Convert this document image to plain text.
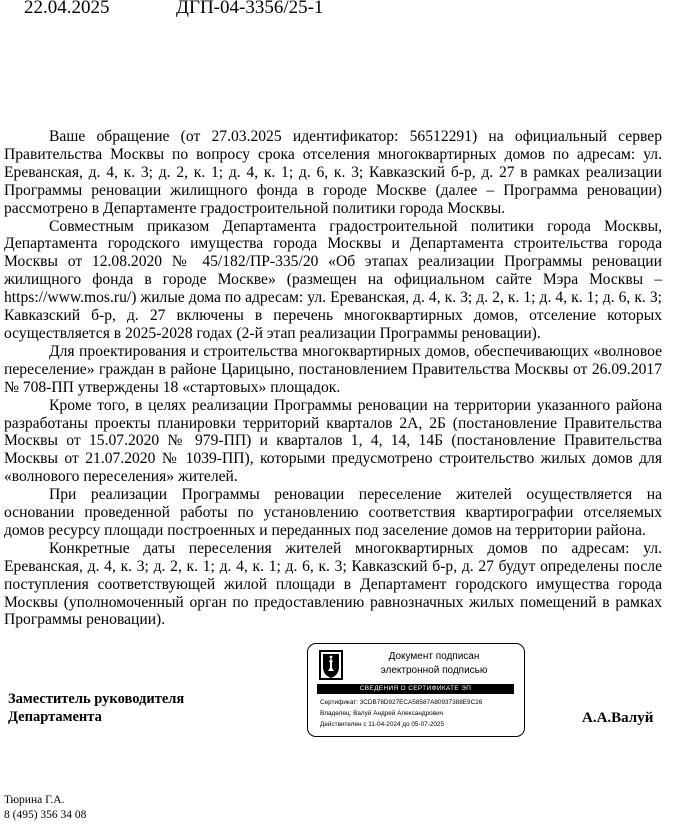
22.04.2025	ДГП-04-3356/25-1

Ваше обращение (от 27.03.2025 идентификатор: 56512291) на официальный сервер Правительства Москвы по вопросу срока отселения многоквартирных домов по адресам: ул. Ереванская, д. 4, к. 3; д. 2, к. 1; д. 4, к. 1; д. 6, к. 3; Кавказский б-р, д. 27 в рамках реализации Программы реновации жилищного фонда в городе Москве (далее – Программа реновации) рассмотрено в Департаменте градостроительной политики города Москвы.

Совместным приказом Департамента градостроительной политики города Москвы, Департамента городского имущества города Москвы и Департамента строительства города Москвы от 12.08.2020 № 45/182/ПР-335/20 «Об этапах реализации Программы реновации жилищного фонда в городе Москве» (размещен на официальном сайте Мэра Москвы – https://www.mos.ru/) жилые дома по адресам: ул. Ереванская, д. 4, к. 3; д. 2, к. 1; д. 4, к. 1; д. 6, к. 3; Кавказский б-р, д. 27 включены в перечень многоквартирных домов, отселение которых осуществляется в 2025-2028 годах (2-й этап реализации Программы реновации).

Для проектирования и строительства многоквартирных домов, обеспечивающих «волновое переселение» граждан в районе Царицыно, постановлением Правительства Москвы от 26.09.2017 № 708-ПП утверждены 18 «стартовых» площадок.

Кроме того, в целях реализации Программы реновации на территории указанного района разработаны проекты планировки территорий кварталов 2А, 2Б (постановление Правительства Москвы от 15.07.2020 № 979-ПП) и кварталов 1, 4, 14, 14Б (постановление Правительства Москвы от 21.07.2020 № 1039-ПП), которыми предусмотрено строительство жилых домов для «волнового переселения» жителей.

При реализации Программы реновации переселение жителей осуществляется на основании проведенной работы по установлению соответствия квартирографии отселяемых домов ресурсу площади построенных и переданных под заселение домов на территории района.

Конкретные даты переселения жителей многоквартирных домов по адресам: ул. Ереванская, д. 4, к. 3; д. 2, к. 1; д. 4, к. 1; д. 6, к. 3; Кавказский б-р, д. 27 будут определены после поступления соответствующей жилой площади в Департамент городского имущества города Москвы (уполномоченный орган по предоставлению равнозначных жилых помещений в рамках Программы реновации).

Документ подписан
электронной подписью
СВЕДЕНИЯ О СЕРТИФИКАТЕ ЭП
Сертификат: 3CDB78D927ECA58587A80937388E9C26
Владелец: Валуй Андрей Александрович
Действителен с 11-04-2024 до 05-07-2025
Заместитель руководителя
Департамента	А.А.Валуй
Тюрина Г.А.
8 (495) 356 34 08
